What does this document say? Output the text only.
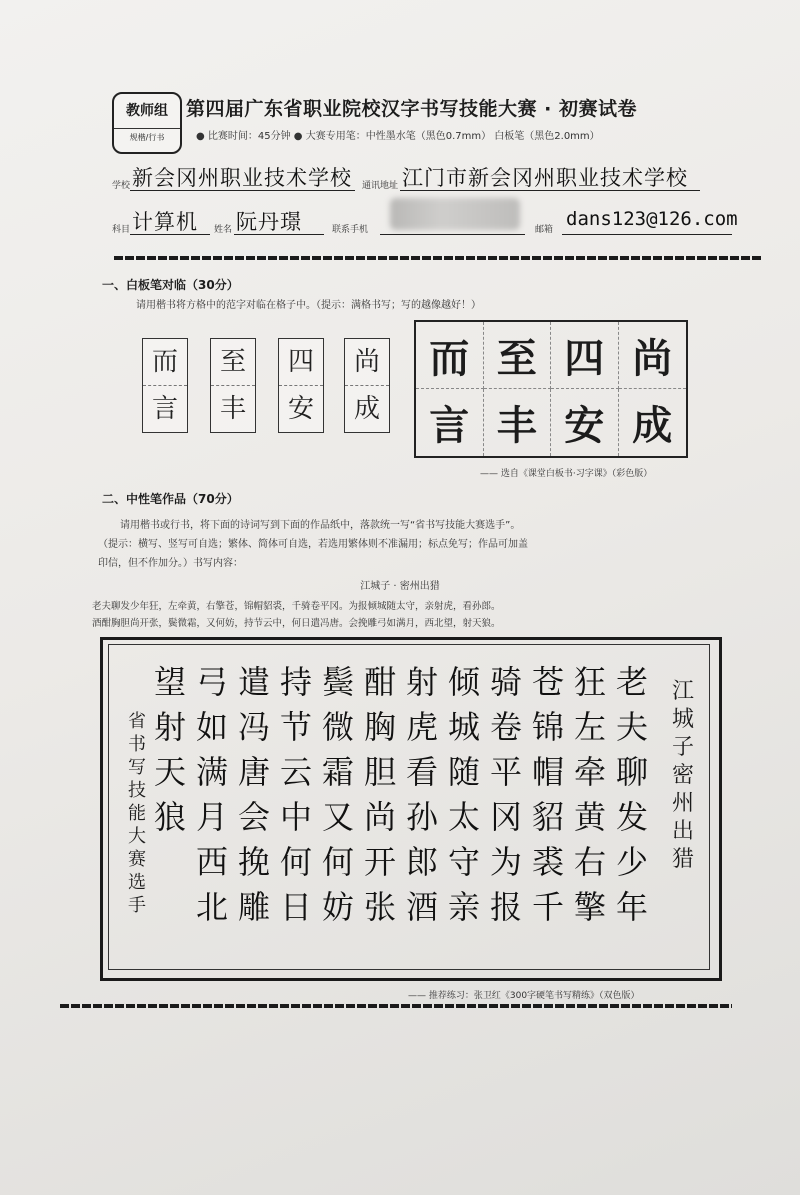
教师组
规楷/行书
第四届广东省职业院校汉字书写技能大赛 · 初赛试卷
● 比赛时间：45分钟 ● 大赛专用笔：中性墨水笔（黑色0.7mm） 白板笔（黑色2.0mm）
学校 新会冈州职业技术学校 通讯地址 江门市新会冈州职业技术学校
科目 计算机 姓名 阮丹璟	联系手机	邮箱 dans123@126.com
一、白板笔对临（30分）
请用楷书将方格中的范字对临在格子中。（提示：满格书写；写的越像越好！）
而
言
至
丰
四
安
尚
成
而 至 四 尚
言 丰 安 成
—— 选自《课堂白板书·习字课》（彩色版）
二、中性笔作品（70分）
请用楷书或行书，将下面的诗词写到下面的作品纸中，落款统一写“省书写技能大赛选手”。
（提示：横写、竖写可自选；繁体、简体可自选，若选用繁体则不准漏用；标点免写；作品可加盖
印信，但不作加分。）书写内容：
江城子 · 密州出猎
老夫聊发少年狂，左牵黄，右擎苍，锦帽貂裘，千骑卷平冈。为报倾城随太守，亲射虎，看孙郎。
酒酣胸胆尚开张，鬓微霜，又何妨，持节云中，何日遣冯唐。会挽雕弓如满月，西北望，射天狼。
江
城
子
密
州
出
猎
老
夫
聊
发
少
年
狂
左
牵
黄
右
擎
苍
锦
帽
貂
裘
千
骑
卷
平
冈
为
报
倾
城
随
太
守
亲
射
虎
看
孙
郎
酒
酣
胸
胆
尚
开
张
鬓
微
霜
又
何
妨
持
节
云
中
何
日
遣
冯
唐
会
挽
雕
弓
如
满
月
西
北
望
射
天
狼
省
书
写
技
能
大
赛
选
手
—— 推荐练习：张卫红《300字硬笔书写精练》（双色版）
